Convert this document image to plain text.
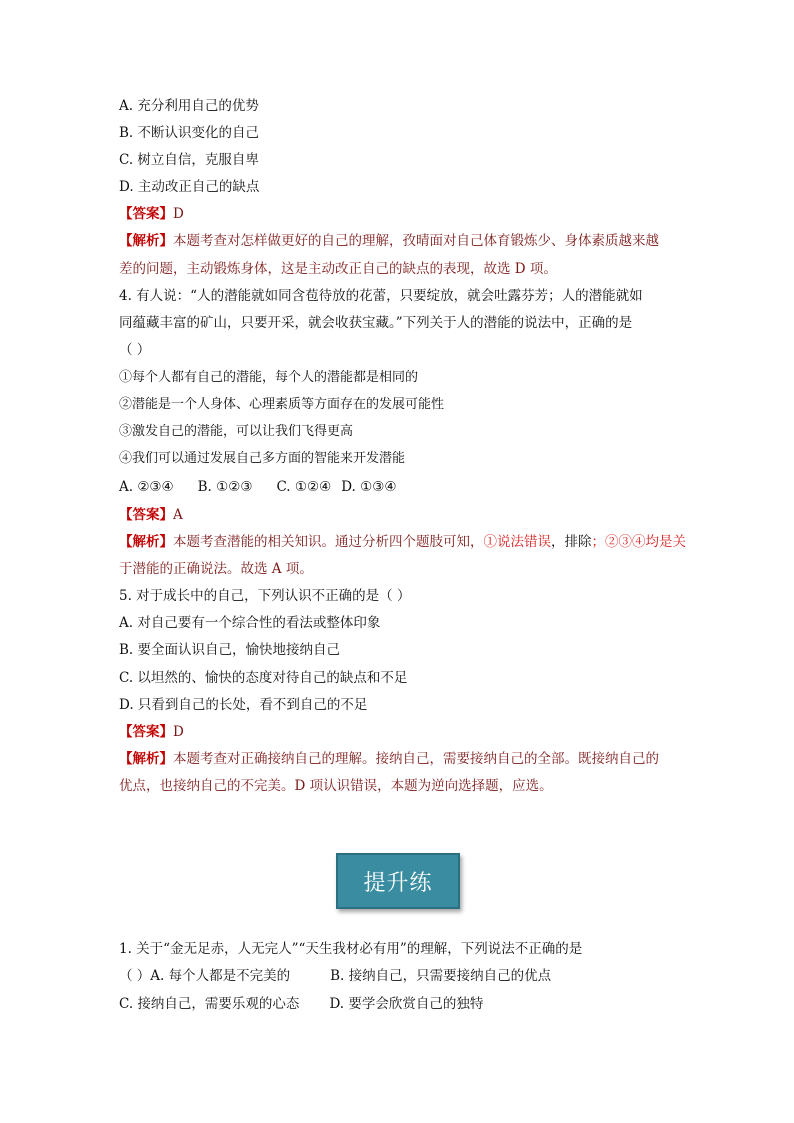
A. 充分利用自己的优势
B. 不断认识变化的自己
C. 树立自信，克服自卑
D. 主动改正自己的缺点
【答案】D
【解析】本题考查对怎样做更好的自己的理解，孜晴面对自己体育锻炼少、身体素质越来越
差的问题，主动锻炼身体，这是主动改正自己的缺点的表现，故选 D 项。
4. 有人说：“人的潜能就如同含苞待放的花蕾，只要绽放，就会吐露芬芳；人的潜能就如
同蕴藏丰富的矿山，只要开采，就会收获宝藏。”下列关于人的潜能的说法中，正确的是
（ ）
①每个人都有自己的潜能，每个人的潜能都是相同的
②潜能是一个人身体、心理素质等方面存在的发展可能性
③激发自己的潜能，可以让我们飞得更高
④我们可以通过发展自己多方面的智能来开发潜能
A. ②③④ B. ①②③ C. ①②④ D. ①③④
【答案】A
【解析】本题考查潜能的相关知识。通过分析四个题肢可知，①说法错误，排除；②③④均是关
于潜能的正确说法。故选 A 项。
5. 对于成长中的自己，下列认识不正确的是（ ）
A. 对自己要有一个综合性的看法或整体印象
B. 要全面认识自己，愉快地接纳自己
C. 以坦然的、愉快的态度对待自己的缺点和不足
D. 只看到自己的长处，看不到自己的不足
【答案】D
【解析】本题考查对正确接纳自己的理解。接纳自己，需要接纳自己的全部。既接纳自己的
优点，也接纳自己的不完美。D 项认识错误，本题为逆向选择题，应选。
提升练
1. 关于“金无足赤，人无完人”“天生我材必有用”的理解，下列说法不正确的是
（ ）A. 每个人都是不完美的	B. 接纳自己，只需要接纳自己的优点
C. 接纳自己，需要乐观的心态 D. 要学会欣赏自己的独特
